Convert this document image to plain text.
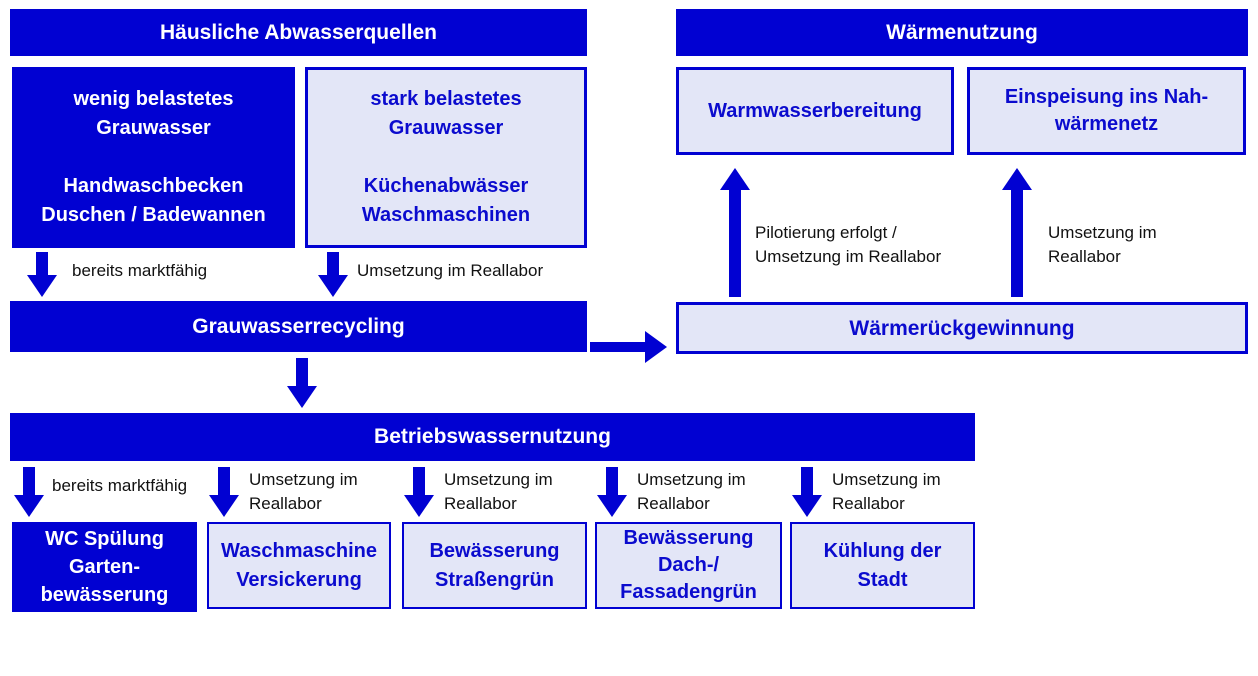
Häusliche Abwasserquellen
wenig belastetes
Grauwasser
Handwaschbecken
Duschen / Badewannen
stark belastetes
Grauwasser
Küchenabwässer
Waschmaschinen
bereits marktfähig	Umsetzung im Reallabor
Grauwasserrecycling
Betriebswassernutzung
Wärmenutzung
Warmwasserbereitung
Einspeisung ins Nah-
wärmenetz
Pilotierung erfolgt /
Umsetzung im Reallabor
Umsetzung im
Reallabor
Wärmerückgewinnung
bereits marktfähig	Umsetzung im
Reallabor
Umsetzung im
Reallabor
Umsetzung im
Reallabor
Umsetzung im
Reallabor
WC Spülung
Garten-
bewässerung
Waschmaschine
Versickerung
Bewässerung
Straßengrün
Bewässerung
Dach-/
Fassadengrün
Kühlung der
Stadt
